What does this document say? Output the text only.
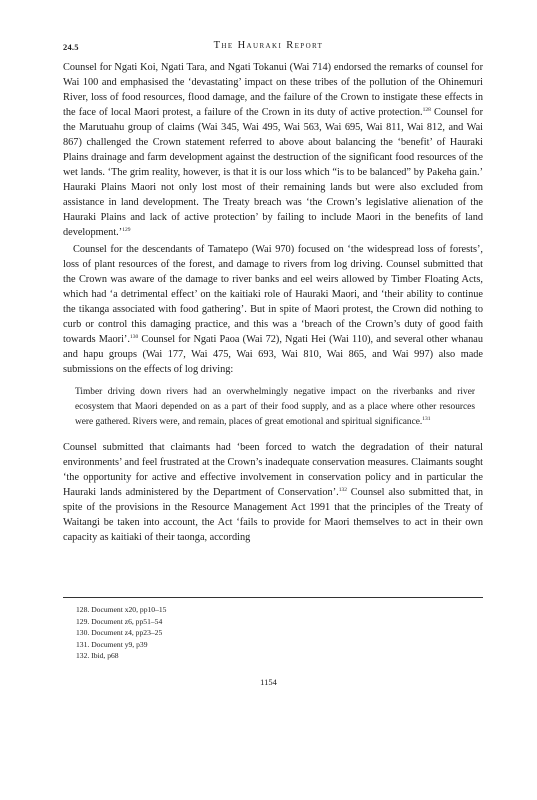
24.5	The Hauraki Report

Counsel for Ngati Koi, Ngati Tara, and Ngati Tokanui (Wai 714) endorsed the remarks of counsel for Wai 100 and emphasised the ‘devastating’ impact on these tribes of the pollution of the Ohinemuri River, loss of food resources, flood damage, and the failure of the Crown to instigate these effects in the face of local Maori protest, a failure of the Crown in its duty of active protection.$^{128}$ Counsel for the Marutuahu group of claims (Wai 345, Wai 495, Wai 563, Wai 695, Wai 811, Wai 812, and Wai 867) challenged the Crown statement referred to above about balancing the ‘benefit’ of Hauraki Plains drainage and farm development against the destruction of the significant food resources of the wet lands. ‘The grim reality, however, is that it is our loss which “is to be balanced” by Pakeha gain.’ Hauraki Plains Maori not only lost most of their remaining lands but were also excluded from assistance in land development. The Treaty breach was ‘the Crown’s legislative alienation of the Hauraki Plains and lack of active protection’ by failing to include Maori in the benefits of land development.’$^{129}$

Counsel for the descendants of Tamatepo (Wai 970) focused on ‘the widespread loss of forests’, loss of plant resources of the forest, and damage to rivers from log driving. Counsel submitted that the Crown was aware of the damage to river banks and eel weirs allowed by Timber Floating Acts, which had ‘a detrimental effect’ on the kaitiaki role of Hauraki Maori, and ‘their ability to continue the tikanga associated with food gathering’. But in spite of Maori protest, the Crown did nothing to curb or control this damaging practice, and this was a ‘breach of the Crown’s duty of good faith towards Maori’.$^{130}$ Counsel for Ngati Paoa (Wai 72), Ngati Hei (Wai 110), and several other whanau and hapu groups (Wai 177, Wai 475, Wai 693, Wai 810, Wai 865, and Wai 997) also made submissions on the effects of log driving:

Timber driving down rivers had an overwhelmingly negative impact on the riverbanks and river ecosystem that Maori depended on as a part of their food supply, and as a place where other resources were gathered. Rivers were, and remain, places of great emotional and spiritual significance.$^{131}$

Counsel submitted that claimants had ‘been forced to watch the degradation of their natural environments’ and feel frustrated at the Crown’s inadequate conservation measures. Claimants sought ‘the opportunity for active and effective involvement in conservation policy and in particular the Hauraki lands administered by the Department of Conservation’.$^{132}$ Counsel also submitted that, in spite of the provisions in the Resource Management Act 1991 that the principles of the Treaty of Waitangi be taken into account, the Act ‘fails to provide for Maori themselves to act in their own capacity as kaitiaki of their taonga, according

128. Document x20, pp10–15
129. Document z6, pp51–54
130. Document z4, pp23–25
131. Document y9, p39
132. Ibid, p68
1154
